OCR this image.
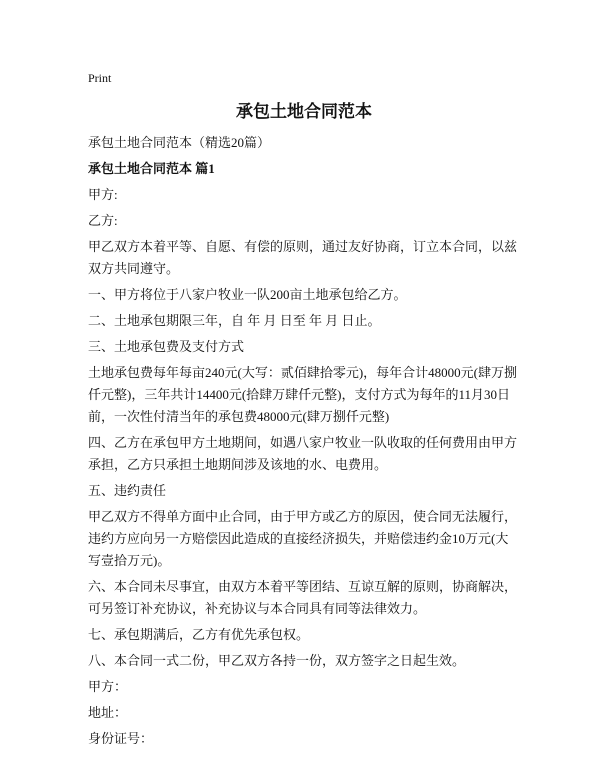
Print
承包土地合同范本

承包土地合同范本（精选20篇）

承包土地合同范本 篇1

甲方:

乙方:

甲乙双方本着平等、自愿、有偿的原则，通过友好协商，订立本合同，以兹双方共同遵守。

一、甲方将位于八家户牧业一队200亩土地承包给乙方。

二、土地承包期限三年，自 年 月 日至 年 月 日止。

三、土地承包费及支付方式

土地承包费每年每亩240元(大写：贰佰肆拾零元)，每年合计48000元(肆万捌仟元整)，三年共计14400元(拾肆万肆仟元整)，支付方式为每年的11月30日前，一次性付清当年的承包费48000元(肆万捌仟元整)

四、乙方在承包甲方土地期间，如遇八家户牧业一队收取的任何费用由甲方承担，乙方只承担土地期间涉及该地的水、电费用。

五、违约责任

甲乙双方不得单方面中止合同，由于甲方或乙方的原因，使合同无法履行，违约方应向另一方赔偿因此造成的直接经济损失，并赔偿违约金10万元(大写壹拾万元)。

六、本合同未尽事宜，由双方本着平等团结、互谅互解的原则，协商解决，可另签订补充协议，补充协议与本合同具有同等法律效力。

七、承包期满后，乙方有优先承包权。

八、本合同一式二份，甲乙双方各持一份，双方签字之日起生效。

甲方：

地址：

身份证号：
